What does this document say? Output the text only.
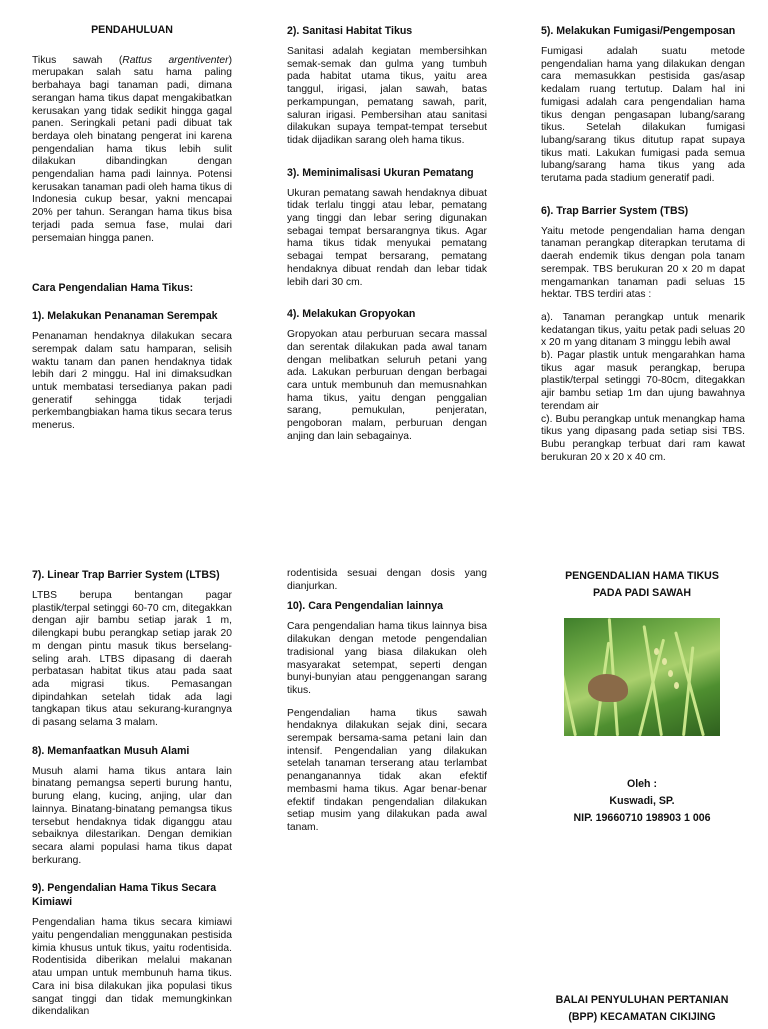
PENDAHULUAN

Tikus sawah (Rattus argentiventer) merupakan salah satu hama paling berbahaya bagi tanaman padi, dimana serangan hama tikus dapat mengakibatkan kerusakan yang tidak sedikit hingga gagal panen. Seringkali petani padi dibuat tak berdaya oleh binatang pengerat ini karena pengendalian hama tikus lebih sulit dilakukan dibandingkan dengan pengendalian hama padi lainnya. Potensi kerusakan tanaman padi oleh hama tikus di Indonesia cukup besar, yakni mencapai 20% per tahun. Serangan hama tikus bisa terjadi pada semua fase, mulai dari persemaian hingga panen.

Cara Pengendalian Hama Tikus:
1). Melakukan Penanaman Serempak

Penanaman hendaknya dilakukan secara serempak dalam satu hamparan, selisih waktu tanam dan panen hendaknya tidak lebih dari 2 minggu. Hal ini dimaksudkan untuk membatasi tersedianya pakan padi generatif sehingga tidak terjadi perkembangbiakan hama tikus secara terus menerus.

2). Sanitasi Habitat Tikus

Sanitasi adalah kegiatan membersihkan semak-semak dan gulma yang tumbuh pada habitat utama tikus, yaitu area tanggul, irigasi, jalan sawah, batas perkampungan, pematang sawah, parit, saluran irigasi. Pembersihan atau sanitasi dilakukan supaya tempat-tempat tersebut tidak dijadikan sarang oleh hama tikus.

3). Meminimalisasi Ukuran Pematang

Ukuran pematang sawah hendaknya dibuat tidak terlalu tinggi atau lebar, pematang yang tinggi dan lebar sering digunakan sebagai tempat bersarangnya tikus. Agar hama tikus tidak menyukai pematang sebagai tempat bersarang, pematang hendaknya dibuat rendah dan lebar tidak lebih dari 30 cm.

4). Melakukan Gropyokan

Gropyokan atau perburuan secara massal dan serentak dilakukan pada awal tanam dengan melibatkan seluruh petani yang ada. Lakukan perburuan dengan berbagai cara untuk membunuh dan memusnahkan hama tikus, yaitu dengan penggalian sarang, pemukulan, penjeratan, pengoboran malam, perburuan dengan anjing dan lain sebagainya.

5). Melakukan Fumigasi/Pengemposan

Fumigasi adalah suatu metode pengendalian hama yang dilakukan dengan cara memasukkan pestisida gas/asap kedalam ruang tertutup. Dalam hal ini fumigasi adalah cara pengendalian hama tikus dengan pengasapan lubang/sarang tikus. Setelah dilakukan fumigasi lubang/sarang tikus ditutup rapat supaya tikus mati. Lakukan fumigasi pada semua lubang/sarang hama tikus yang ada terutama pada stadium generatif padi.

6). Trap Barrier System (TBS)

Yaitu metode pengendalian hama dengan tanaman perangkap diterapkan terutama di daerah endemik tikus dengan pola tanam serempak. TBS berukuran 20 x 20 m dapat mengamankan tanaman padi seluas 15 hektar. TBS terdiri atas :

a). Tanaman perangkap untuk menarik kedatangan tikus, yaitu petak padi seluas 20 x 20 m yang ditanam 3 minggu lebih awal

b). Pagar plastik untuk mengarahkan hama tikus agar masuk perangkap, berupa plastik/terpal setinggi 70-80cm, ditegakkan ajir bambu setiap 1m dan ujung bawahnya terendam air

c). Bubu perangkap untuk menangkap hama tikus yang dipasang pada setiap sisi TBS. Bubu perangkap terbuat dari ram kawat berukuran 20 x 20 x 40 cm.

7). Linear Trap Barrier System (LTBS)

LTBS berupa bentangan pagar plastik/terpal setinggi 60-70 cm, ditegakkan dengan ajir bambu setiap jarak 1 m, dilengkapi bubu perangkap setiap jarak 20 m dengan pintu masuk tikus berselang-seling arah. LTBS dipasang di daerah perbatasan habitat tikus atau pada saat ada migrasi tikus. Pemasangan dipindahkan setelah tidak ada lagi tangkapan tikus atau sekurang-kurangnya di pasang selama 3 malam.

8). Memanfaatkan Musuh Alami

Musuh alami hama tikus antara lain binatang pemangsa seperti burung hantu, burung elang, kucing, anjing, ular dan lainnya. Binatang-binatang pemangsa tikus tersebut hendaknya tidak diganggu atau sebaiknya dilestarikan. Dengan demikian secara alami populasi hama tikus dapat berkurang.

9). Pengendalian Hama Tikus Secara Kimiawi

Pengendalian hama tikus secara kimiawi yaitu pengendalian menggunakan pestisida kimia khusus untuk tikus, yaitu rodentisida. Rodentisida diberikan melalui makanan atau umpan untuk membunuh hama tikus. Cara ini bisa dilakukan jika populasi tikus sangat tinggi dan tidak memungkinkan dikendalikan

rodentisida sesuai dengan dosis yang dianjurkan.

10). Cara Pengendalian lainnya

Cara pengendalian hama tikus lainnya bisa dilakukan dengan metode pengendalian tradisional yang biasa dilakukan oleh masyarakat setempat, seperti dengan bunyi-bunyian atau penggenangan sarang tikus.

Pengendalian hama tikus sawah hendaknya dilakukan sejak dini, secara serempak bersama-sama petani lain dan intensif. Pengendalian yang dilakukan setelah tanaman terserang atau terlambat penanganannya tidak akan efektif membasmi hama tikus. Agar benar-benar efektif tindakan pengendalian dilakukan setiap musim yang dilakukan pada awal tanam.

PENGENDALIAN HAMA TIKUS
PADA PADI SAWAH
Oleh :
Kuswadi, SP.
NIP. 19660710 198903 1 006
BALAI PENYULUHAN PERTANIAN
(BPP) KECAMATAN CIKIJING
